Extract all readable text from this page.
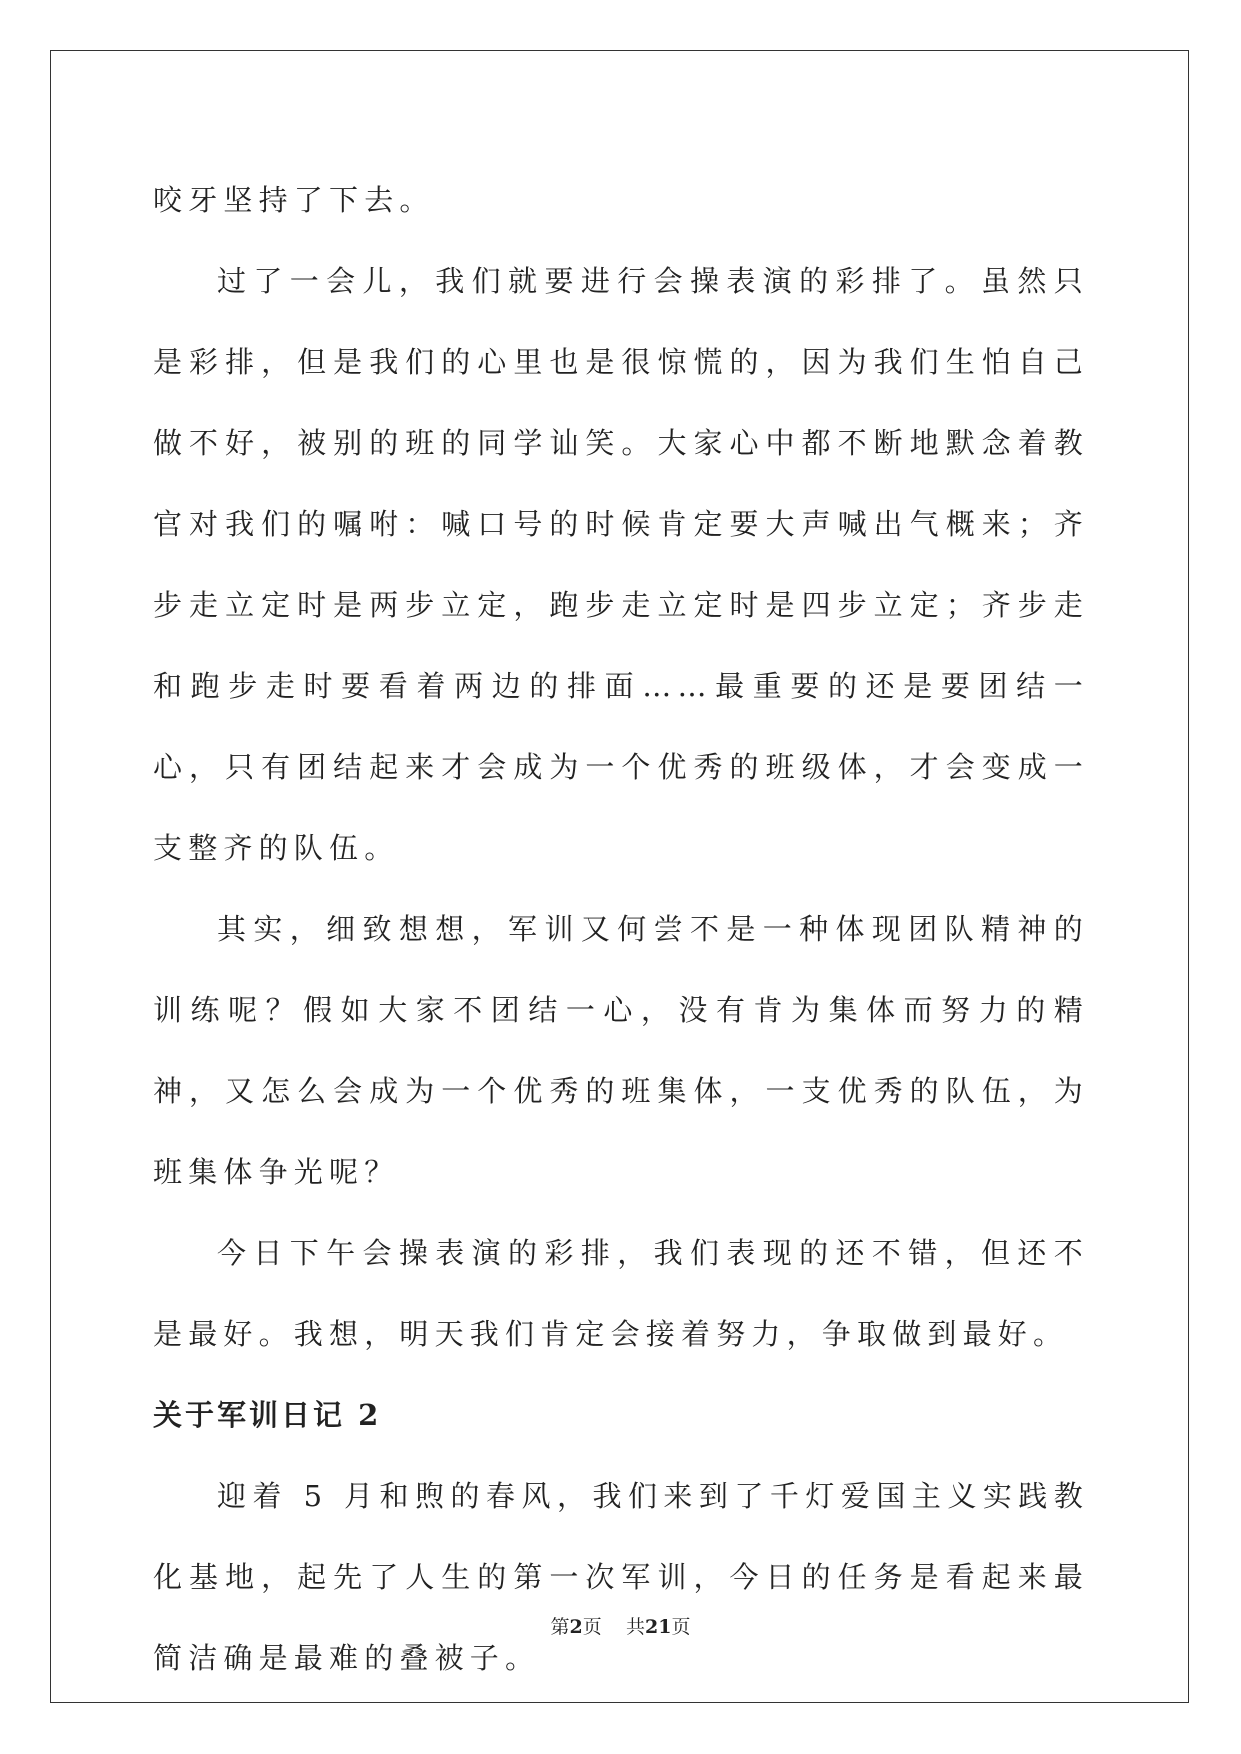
咬牙坚持了下去。

过了一会儿，我们就要进行会操表演的彩排了。虽然只是彩排，但是我们的心里也是很惊慌的，因为我们生怕自己做不好，被别的班的同学讪笑。大家心中都不断地默念着教官对我们的嘱咐：喊口号的时候肯定要大声喊出气概来；齐步走立定时是两步立定，跑步走立定时是四步立定；齐步走和跑步走时要看着两边的排面……最重要的还是要团结一心，只有团结起来才会成为一个优秀的班级体，才会变成一支整齐的队伍。

其实，细致想想，军训又何尝不是一种体现团队精神的训练呢？假如大家不团结一心，没有肯为集体而努力的精神，又怎么会成为一个优秀的班集体，一支优秀的队伍，为班集体争光呢？

今日下午会操表演的彩排，我们表现的还不错，但还不是最好。我想，明天我们肯定会接着努力，争取做到最好。

关于军训日记 2

迎着 5 月和煦的春风，我们来到了千灯爱国主义实践教化基地，起先了人生的第一次军训，今日的任务是看起来最简洁确是最难的叠被子。

第2页 共21页
